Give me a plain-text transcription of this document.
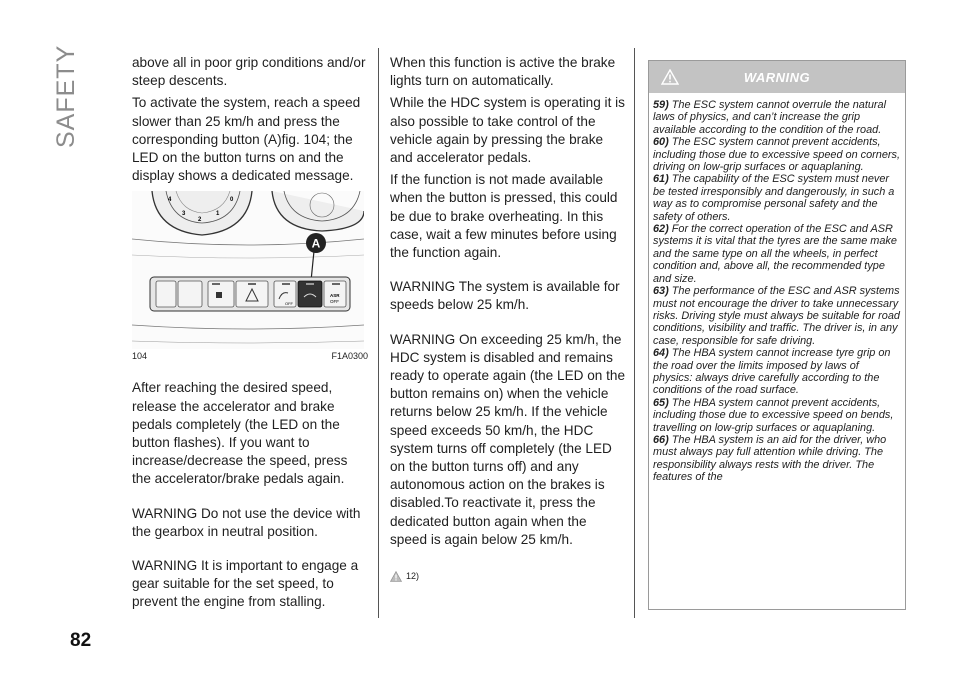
SAFETY
82

above all in poor grip conditions and/or steep descents.

To activate the system, reach a speed slower than 25 km/h and press the corresponding button (A)fig. 104; the LED on the button turns on and the display shows a dedicated message.

4
3
2
1
0
A
OFF
ASR
OFF
104	F1A0300

After reaching the desired speed, release the accelerator and brake pedals completely (the LED on the button flashes). If you want to increase/decrease the speed, press the accelerator/brake pedals again.

WARNING Do not use the device with the gearbox in neutral position.

WARNING It is important to engage a gear suitable for the set speed, to prevent the engine from stalling.

When this function is active the brake lights turn on automatically.

While the HDC system is operating it is also possible to take control of the vehicle again by pressing the brake and accelerator pedals.

If the function is not made available when the button is pressed, this could be due to brake overheating. In this case, wait a few minutes before using the function again.

WARNING The system is available for speeds below 25 km/h.

WARNING On exceeding 25 km/h, the HDC system is disabled and remains ready to operate again (the LED on the button remains on) when the vehicle returns below 25 km/h. If the vehicle speed exceeds 50 km/h, the HDC system turns off completely (the LED on the button turns off) and any autonomous action on the brakes is disabled.To reactivate it, press the dedicated button again when the speed is again below 25 km/h.

12)
WARNING

59) The ESC system cannot overrule the natural laws of physics, and can’t increase the grip available according to the condition of the road.

60) The ESC system cannot prevent accidents, including those due to excessive speed on corners, driving on low-grip surfaces or aquaplaning.

61) The capability of the ESC system must never be tested irresponsibly and dangerously, in such a way as to compromise personal safety and the safety of others.

62) For the correct operation of the ESC and ASR systems it is vital that the tyres are the same make and the same type on all the wheels, in perfect condition and, above all, the recommended type and size.

63) The performance of the ESC and ASR systems must not encourage the driver to take unnecessary risks. Driving style must always be suitable for road conditions, visibility and traffic. The driver is, in any case, responsible for safe driving.

64) The HBA system cannot increase tyre grip on the road over the limits imposed by laws of physics: always drive carefully according to the conditions of the road surface.

65) The HBA system cannot prevent accidents, including those due to excessive speed on bends, travelling on low-grip surfaces or aquaplaning.

66) The HBA system is an aid for the driver, who must always pay full attention while driving. The responsibility always rests with the driver. The features of the
